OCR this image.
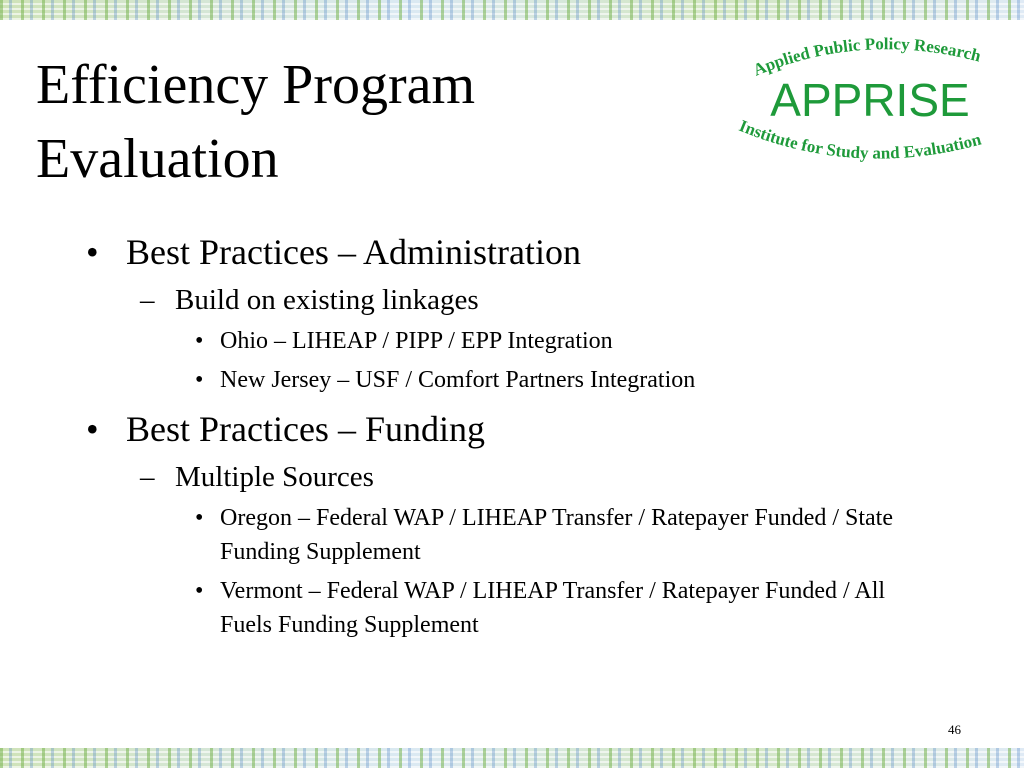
Efficiency Program
Evaluation
Applied Public Policy Research
APPRISE
Institute for Study and Evaluation
• Best Practices – Administration
– Build on existing linkages
• Ohio – LIHEAP / PIPP / EPP Integration
• New Jersey – USF / Comfort Partners Integration
• Best Practices – Funding
– Multiple Sources
• Oregon – Federal WAP / LIHEAP Transfer / Ratepayer Funded / State Funding Supplement
• Vermont – Federal WAP / LIHEAP Transfer / Ratepayer Funded / All Fuels Funding Supplement
46
